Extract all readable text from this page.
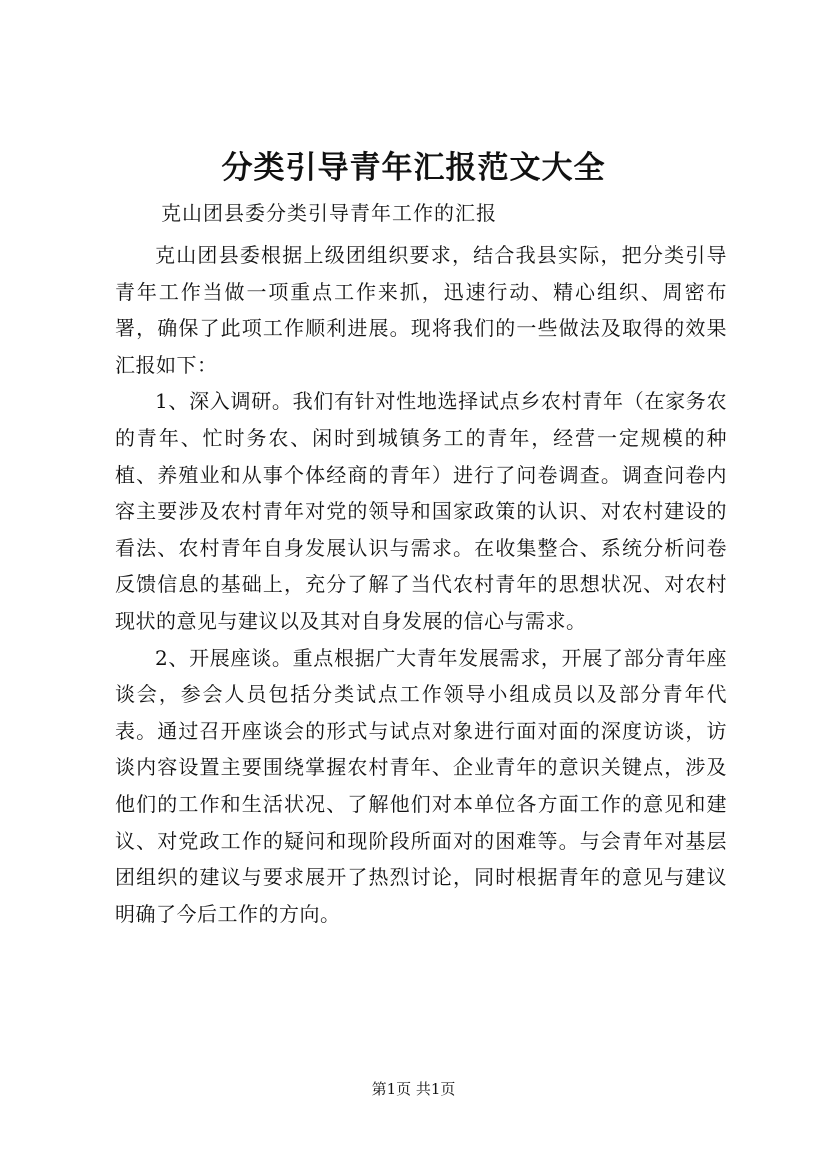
分类引导青年汇报范文大全

克山团县委分类引导青年工作的汇报

克山团县委根据上级团组织要求，结合我县实际，把分类引导青年工作当做一项重点工作来抓，迅速行动、精心组织、周密布署，确保了此项工作顺利进展。现将我们的一些做法及取得的效果汇报如下：

1、深入调研。我们有针对性地选择试点乡农村青年（在家务农的青年、忙时务农、闲时到城镇务工的青年，经营一定规模的种植、养殖业和从事个体经商的青年）进行了问卷调查。调查问卷内容主要涉及农村青年对党的领导和国家政策的认识、对农村建设的看法、农村青年自身发展认识与需求。在收集整合、系统分析问卷反馈信息的基础上，充分了解了当代农村青年的思想状况、对农村现状的意见与建议以及其对自身发展的信心与需求。

2、开展座谈。重点根据广大青年发展需求，开展了部分青年座谈会，参会人员包括分类试点工作领导小组成员以及部分青年代表。通过召开座谈会的形式与试点对象进行面对面的深度访谈，访谈内容设置主要围绕掌握农村青年、企业青年的意识关键点，涉及他们的工作和生活状况、了解他们对本单位各方面工作的意见和建议、对党政工作的疑问和现阶段所面对的困难等。与会青年对基层团组织的建议与要求展开了热烈讨论，同时根据青年的意见与建议明确了今后工作的方向。

第1页 共1页
